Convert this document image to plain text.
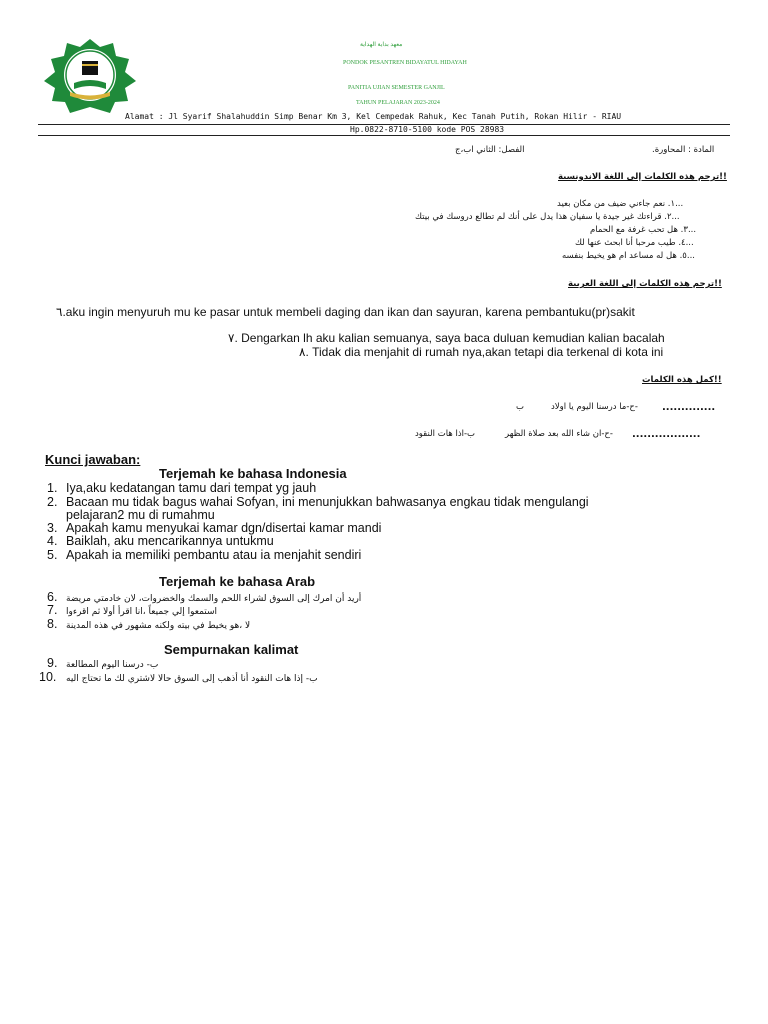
معهد بداية الهداية
PONDOK PESANTREN BIDAYATUL HIDAYAH
PANITIA UJIAN SEMESTER GANJIL
TAHUN PELAJARAN 2023-2024
Alamat : Jl Syarif Shalahuddin Simp Benar Km 3, Kel Cempedak Rahuk, Kec Tanah Putih, Rokan Hilir - RIAU
Hp.0822-8710-5100 kode POS 28983
المادة : المحاورة.
الفصل: الثاني اب،ج
!!ترجم هذه الكلمات إلى اللغة الاندونسية
...١. نعم جاءني ضيف من مكان بعيد
...٢. قراءتك غير جيدة يا سفيان هذا يدل على أنك لم تطالع دروسك في بيتك
...٣. هل تحب غرفة مع الحمام
...٤. طيب مرحبا أنا ابحث عنها لك
...٥. هل له مساعد ام هو يخيط بنفسه
!!ترجم هذه الكلمات إلى اللغة العربية
٦.aku ingin menyuruh mu ke pasar untuk membeli daging dan ikan dan sayuran, karena pembantuku(pr)sakit
٧. Dengarkan lh aku kalian semuanya, saya baca duluan kemudian kalian bacalah
٨. Tidak dia menjahit di rumah nya,akan tetapi dia terkenal di kota ini
!!كمل هذه الكلمات
..............
-ح-ما درسنا اليوم يا اولاد
ب
..................
-ح-ان شاء الله بعد صلاة الظهر
ب-اذا هات النقود
Kunci jawaban:
Terjemah ke bahasa Indonesia
1. Iya,aku kedatangan tamu dari tempat yg jauh
2. Bacaan mu tidak bagus wahai Sofyan, ini menunjukkan bahwasanya engkau tidak mengulangi
pelajaran2 mu di rumahmu
3. Apakah kamu menyukai kamar dgn/disertai kamar mandi
4. Baiklah, aku mencarikannya untukmu
5. Apakah ia memiliki pembantu atau ia menjahit sendiri
Terjemah ke bahasa Arab
6. أريد أن امرك إلى السوق لشراء اللحم والسمك والخضروات، لان خادمتي مريضة
7. استمعوا إلي جميعاً ،انا اقرأ أولا ثم اقرءوا
8. لا ،هو يخيط في بيته ولكنه مشهور في هذه المدينة
Sempurnakan kalimat
9. ب- درسنا اليوم المطالعة
10. ب- إذا هات النقود أنا أذهب إلى السوق حالا لاشتري لك ما تحتاج اليه
